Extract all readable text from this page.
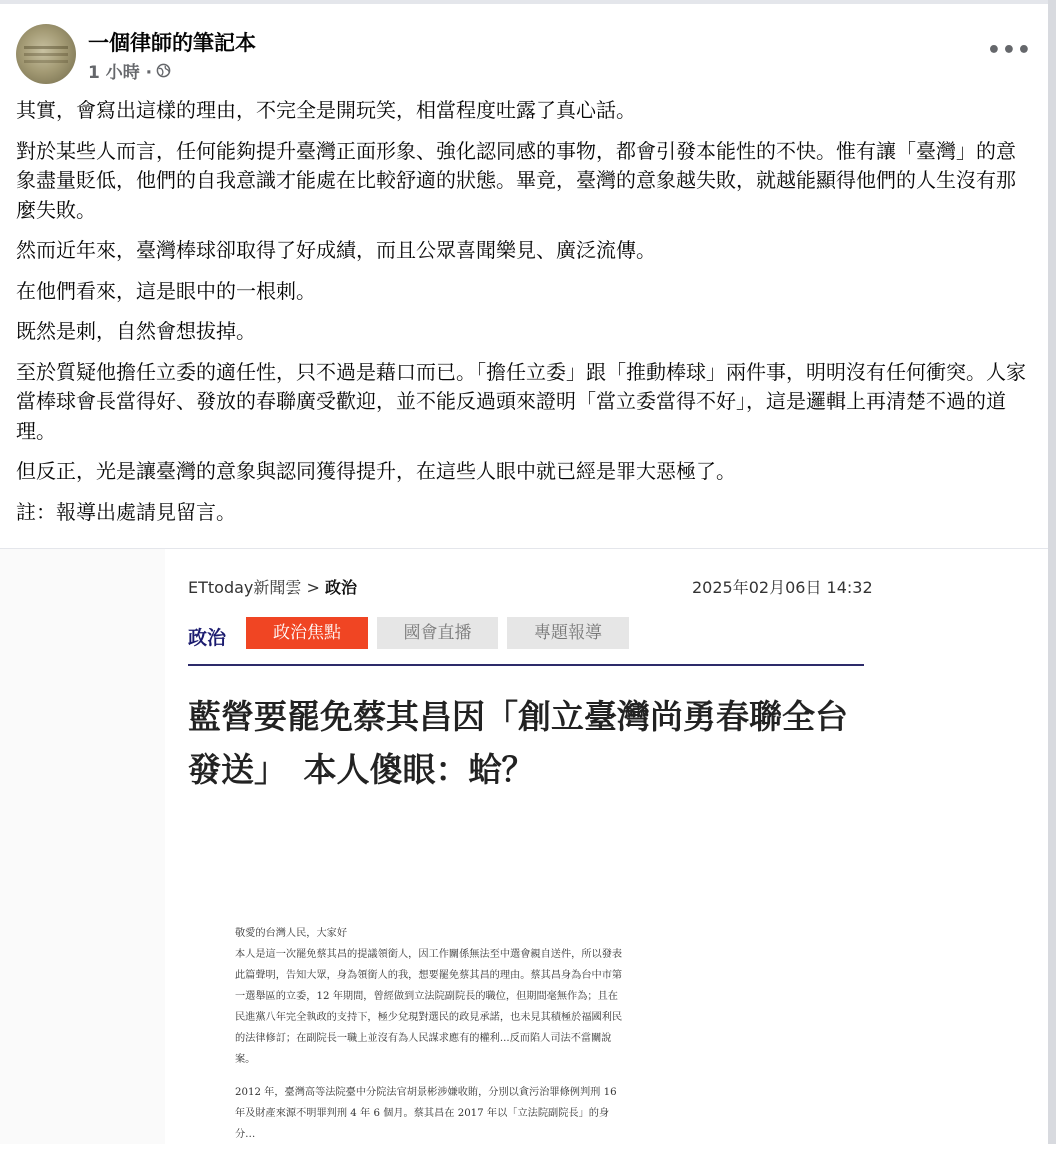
一個律師的筆記本
1 小時 ·
•••

其實，會寫出這樣的理由，不完全是開玩笑，相當程度吐露了真心話。

對於某些人而言，任何能夠提升臺灣正面形象、強化認同感的事物，都會引發本能性的不快。惟有讓「臺灣」的意象盡量貶低，他們的自我意識才能處在比較舒適的狀態。畢竟，臺灣的意象越失敗，就越能顯得他們的人生沒有那麼失敗。

然而近年來，臺灣棒球卻取得了好成績，而且公眾喜聞樂見、廣泛流傳。

在他們看來，這是眼中的一根刺。

既然是刺，自然會想拔掉。

至於質疑他擔任立委的適任性，只不過是藉口而已。「擔任立委」跟「推動棒球」兩件事，明明沒有任何衝突。人家當棒球會長當得好、發放的春聯廣受歡迎，並不能反過頭來證明「當立委當得不好」，這是邏輯上再清楚不過的道理。

但反正，光是讓臺灣的意象與認同獲得提升，在這些人眼中就已經是罪大惡極了。

註：報導出處請見留言。

ETtoday新聞雲 > 政治	2025年02月06日 14:32
政治	政治焦點	國會直播	專題報導
藍營要罷免蔡其昌因「創立臺灣尚勇春聯全台
發送」　本人傻眼：蛤？

敬愛的台灣人民，大家好

本人是這一次罷免蔡其昌的提議領銜人，因工作關係無法至中選會親自送件，所以發表此篇聲明，告知大眾，身為領銜人的我，想要罷免蔡其昌的理由。蔡其昌身為台中市第一選舉區的立委，12 年期間，曾經做到立法院副院長的職位，但期間毫無作為；且在民進黨八年完全執政的支持下，極少兌現對選民的政見承諾，也未見其積極於福國利民的法律修訂；在副院長一職上並沒有為人民謀求應有的權利...反而陷人司法不當關說案。

2012 年，臺灣高等法院臺中分院法官胡景彬涉嫌收賄，分別以貪污治罪條例判刑 16 年及財產來源不明罪判刑 4 年 6 個月。蔡其昌在 2017 年以「立法院副院長」的身分…
